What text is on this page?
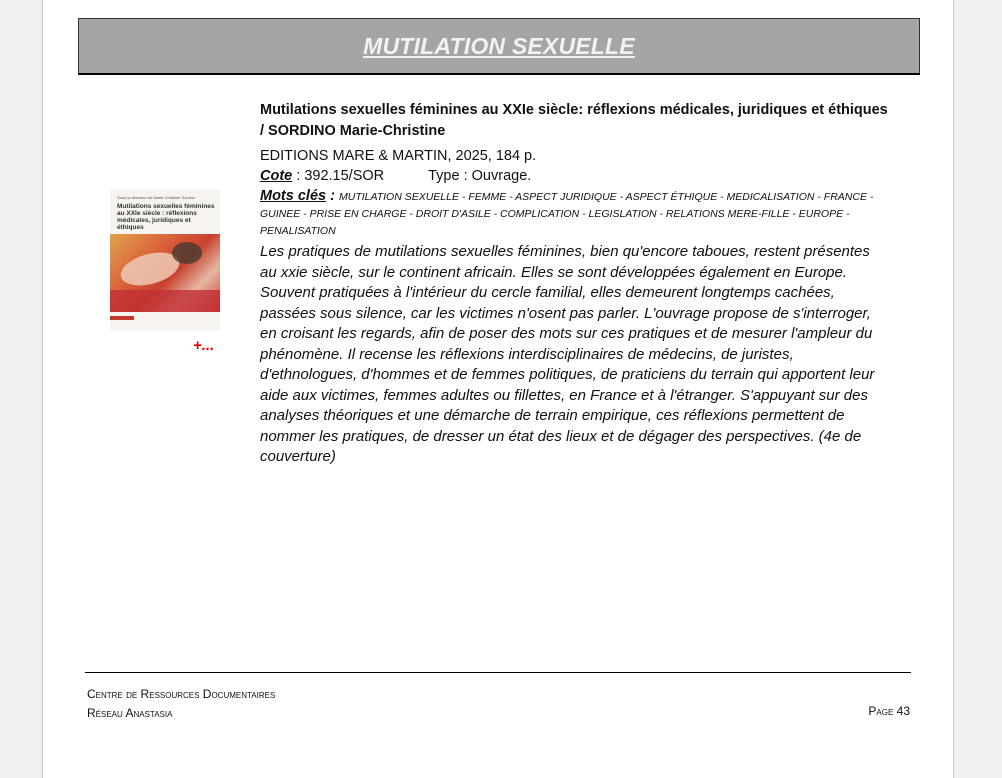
MUTILATION SEXUELLE
Sous la direction de Marie-Christine Sordino
Mutilations sexuelles féminines au XXIe siècle : réflexions médicales, juridiques et éthiques
+...

Mutilations sexuelles féminines au XXIe siècle: réflexions médicales, juridiques et éthiques / SORDINO Marie-Christine

EDITIONS MARE & MARTIN, 2025, 184 p.
Cote : 392.15/SOR	Type : Ouvrage.
Mots clés : MUTILATION SEXUELLE - FEMME - ASPECT JURIDIQUE - ASPECT ÉTHIQUE - MEDICALISATION - FRANCE - GUINEE - PRISE EN CHARGE - DROIT D'ASILE - COMPLICATION - LEGISLATION - RELATIONS MERE-FILLE - EUROPE - PENALISATION
Les pratiques de mutilations sexuelles féminines, bien qu'encore taboues, restent présentes au xxie siècle, sur le continent africain. Elles se sont développées également en Europe. Souvent pratiquées à l'intérieur du cercle familial, elles demeurent longtemps cachées, passées sous silence, car les victimes n'osent pas parler. L'ouvrage propose de s'interroger, en croisant les regards, afin de poser des mots sur ces pratiques et de mesurer l'ampleur du phénomène. Il recense les réflexions interdisciplinaires de médecins, de juristes, d'ethnologues, d'hommes et de femmes politiques, de praticiens du terrain qui apportent leur aide aux victimes, femmes adultes ou fillettes, en France et à l'étranger. S'appuyant sur des analyses théoriques et une démarche de terrain empirique, ces réflexions permettent de nommer les pratiques, de dresser un état des lieux et de dégager des perspectives. (4e de couverture)
Centre de Ressources Documentaires
Réseau Anastasia	Page 43
